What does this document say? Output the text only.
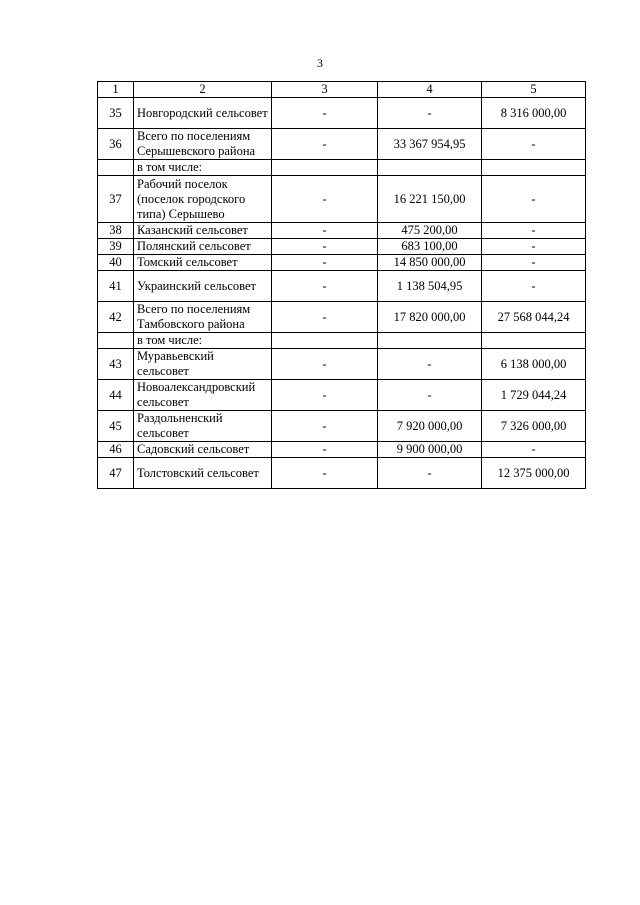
3
1	2	3	4	5
35	Новгородский сельсовет	-	-	8 316 000,00
36	Всего по поселениям Серышевского района	-	33 367 954,95	-
	в том числе:			
37	Рабочий поселок (поселок городского типа) Серышево	-	16 221 150,00	-
38	Казанский сельсовет	-	475 200,00	-
39	Полянский сельсовет	-	683 100,00	-
40	Томский сельсовет	-	14 850 000,00	-
41	Украинский сельсовет	-	1 138 504,95	-
42	Всего по поселениям Тамбовского района	-	17 820 000,00	27 568 044,24
	в том числе:			
43	Муравьевский сельсовет	-	-	6 138 000,00
44	Новоалександровский сельсовет	-	-	1 729 044,24
45	Раздольненский сельсовет	-	7 920 000,00	7 326 000,00
46	Садовский сельсовет	-	9 900 000,00	-
47	Толстовский сельсовет	-	-	12 375 000,00
